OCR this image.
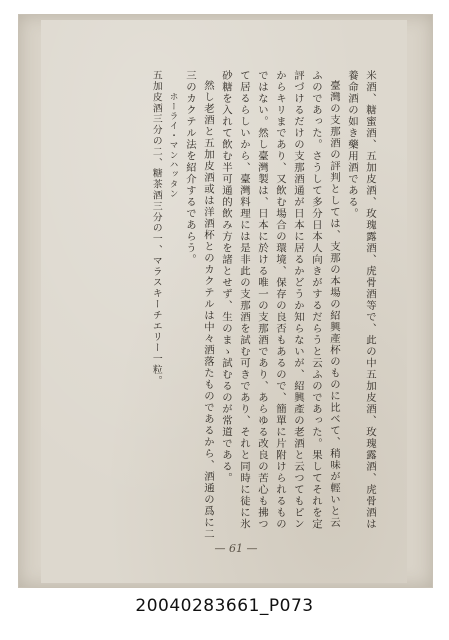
米酒、糖蜜酒、五加皮酒、玫瑰露酒、虎骨酒等で、此の中五加皮酒、玫瑰露酒、虎骨酒は
養命酒の如き藥用酒である。
臺灣の支那酒の評判としては、支那の本場の紹興產杯のものに比べて、稍味が輕いと云
ふのであった。さうして多分日本人向きがするだらうと云ふのであった。果してそれを定
評づけるだけの支那酒通が日本に居るかどうか知らないが、紹興產の老酒と云つてもピン
からキリまであり、又飲む場合の環境、保存の良否もあるので、簡單に片附けられるもの
ではない。然し臺灣製は、日本に於ける唯一の支那酒であり、あらゆる改良の苦心も拂つ
て居るらしいから、臺灣料理には是非此の支那酒を試む可きであり、それと同時に徒に氷
砂糖を入れて飲む半可通的飲み方を諸とせず、生のまゝ試むるのが常道である。
然し老酒と五加皮酒或は洋酒杯とのカクテルは中々洒落たものであるから、酒通の爲に二
三のカクテル法を紹介するであらう。
ホーライ・マンハッタン
五加皮酒三分の二、糖茶酒三分の一、マラスキーチエリー一粒。
— 61 —
20040283661_P073
